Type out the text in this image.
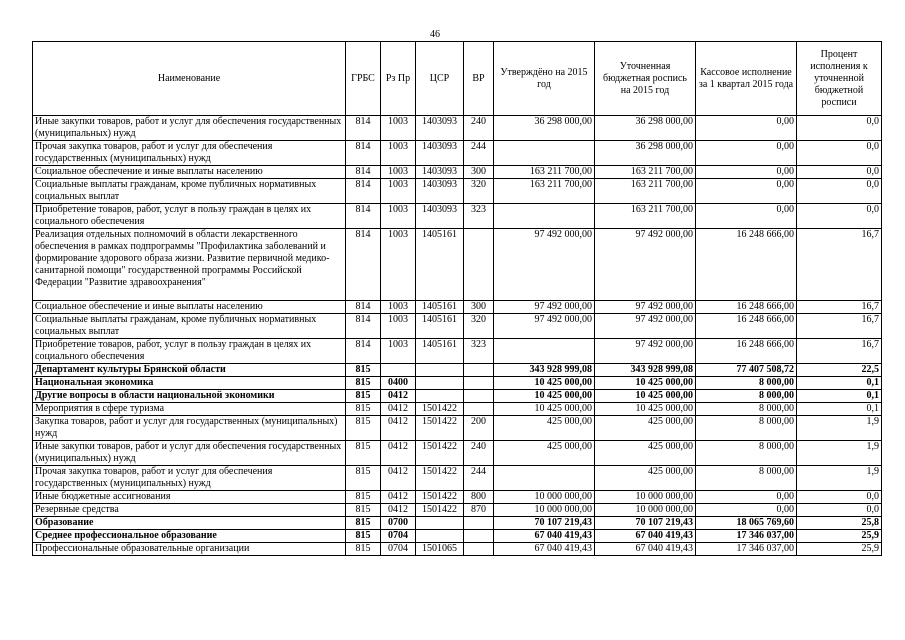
46
Наименование	ГРБС	Рз Пр	ЦСР	ВР	Утверждёно на 2015 год	Уточненная бюджетная роспись на 2015 год	Кассовое исполнение за 1 квартал 2015 года	Процент исполнения к уточненной бюджетной росписи
Иные закупки товаров, работ и услуг для обеспечения государственных (муниципальных) нужд	814	1003	1403093	240	36 298 000,00	36 298 000,00	0,00	0,0
Прочая закупка товаров, работ и услуг для обеспечения государственных (муниципальных) нужд	814	1003	1403093	244		36 298 000,00	0,00	0,0
Социальное обеспечение и иные выплаты населению	814	1003	1403093	300	163 211 700,00	163 211 700,00	0,00	0,0
Социальные выплаты гражданам, кроме публичных нормативных социальных выплат	814	1003	1403093	320	163 211 700,00	163 211 700,00	0,00	0,0
Приобретение товаров, работ, услуг в пользу граждан в целях их социального обеспечения	814	1003	1403093	323		163 211 700,00	0,00	0,0
Реализация отдельных полномочий в области лекарственного обеспечения в рамках подпрограммы "Профилактика заболеваний и формирование здорового образа жизни. Развитие первичной медико-санитарной помощи" государственной программы Российской Федерации "Развитие здравоохранения"	814	1003	1405161		97 492 000,00	97 492 000,00	16 248 666,00	16,7
Социальное обеспечение и иные выплаты населению	814	1003	1405161	300	97 492 000,00	97 492 000,00	16 248 666,00	16,7
Социальные выплаты гражданам, кроме публичных нормативных социальных выплат	814	1003	1405161	320	97 492 000,00	97 492 000,00	16 248 666,00	16,7
Приобретение товаров, работ, услуг в пользу граждан в целях их социального обеспечения	814	1003	1405161	323		97 492 000,00	16 248 666,00	16,7
Департамент культуры Брянской области	815				343 928 999,08	343 928 999,08	77 407 508,72	22,5
Национальная экономика	815	0400			10 425 000,00	10 425 000,00	8 000,00	0,1
Другие вопросы в области национальной экономики	815	0412			10 425 000,00	10 425 000,00	8 000,00	0,1
Мероприятия в сфере туризма	815	0412	1501422		10 425 000,00	10 425 000,00	8 000,00	0,1
Закупка товаров, работ и услуг для государственных (муниципальных) нужд	815	0412	1501422	200	425 000,00	425 000,00	8 000,00	1,9
Иные закупки товаров, работ и услуг для обеспечения государственных (муниципальных) нужд	815	0412	1501422	240	425 000,00	425 000,00	8 000,00	1,9
Прочая закупка товаров, работ и услуг для обеспечения государственных (муниципальных) нужд	815	0412	1501422	244		425 000,00	8 000,00	1,9
Иные бюджетные ассигнования	815	0412	1501422	800	10 000 000,00	10 000 000,00	0,00	0,0
Резервные средства	815	0412	1501422	870	10 000 000,00	10 000 000,00	0,00	0,0
Образование	815	0700			70 107 219,43	70 107 219,43	18 065 769,60	25,8
Среднее профессиональное образование	815	0704			67 040 419,43	67 040 419,43	17 346 037,00	25,9
Профессиональные образовательные организации	815	0704	1501065		67 040 419,43	67 040 419,43	17 346 037,00	25,9
